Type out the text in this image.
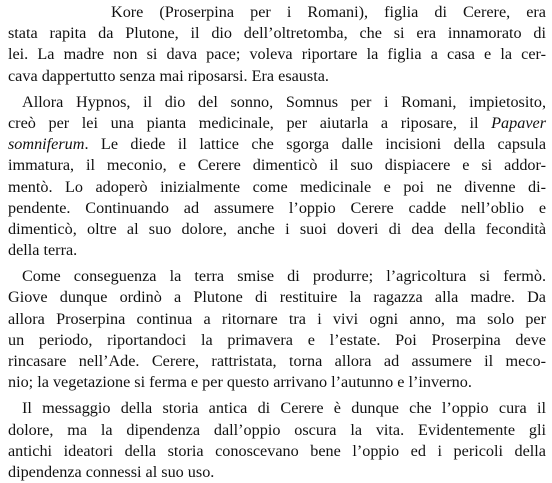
Kore (Proserpina per i Romani), figlia di Cerere, era
stata rapita da Plutone, il dio dell’oltretomba, che si era innamorato di
lei. La madre non si dava pace; voleva riportare la figlia a casa e la cer-
cava dappertutto senza mai riposarsi. Era esausta.
Allora Hypnos, il dio del sonno, Somnus per i Romani, impietosito,
creò per lei una pianta medicinale, per aiutarla a riposare, il Papaver
somniferum. Le diede il lattice che sgorga dalle incisioni della capsula
immatura, il meconio, e Cerere dimenticò il suo dispiacere e si addor-
mentò. Lo adoperò inizialmente come medicinale e poi ne divenne di-
pendente. Continuando ad assumere l’oppio Cerere cadde nell’oblio e
dimenticò, oltre al suo dolore, anche i suoi doveri di dea della fecondità
della terra.
Come conseguenza la terra smise di produrre; l’agricoltura si fermò.
Giove dunque ordinò a Plutone di restituire la ragazza alla madre. Da
allora Proserpina continua a ritornare tra i vivi ogni anno, ma solo per
un periodo, riportandoci la primavera e l’estate. Poi Proserpina deve
rincasare nell’Ade. Cerere, rattristata, torna allora ad assumere il meco-
nio; la vegetazione si ferma e per questo arrivano l’autunno e l’inverno.
Il messaggio della storia antica di Cerere è dunque che l’oppio cura il
dolore, ma la dipendenza dall’oppio oscura la vita. Evidentemente gli
antichi ideatori della storia conoscevano bene l’oppio ed i pericoli della
dipendenza connessi al suo uso.
